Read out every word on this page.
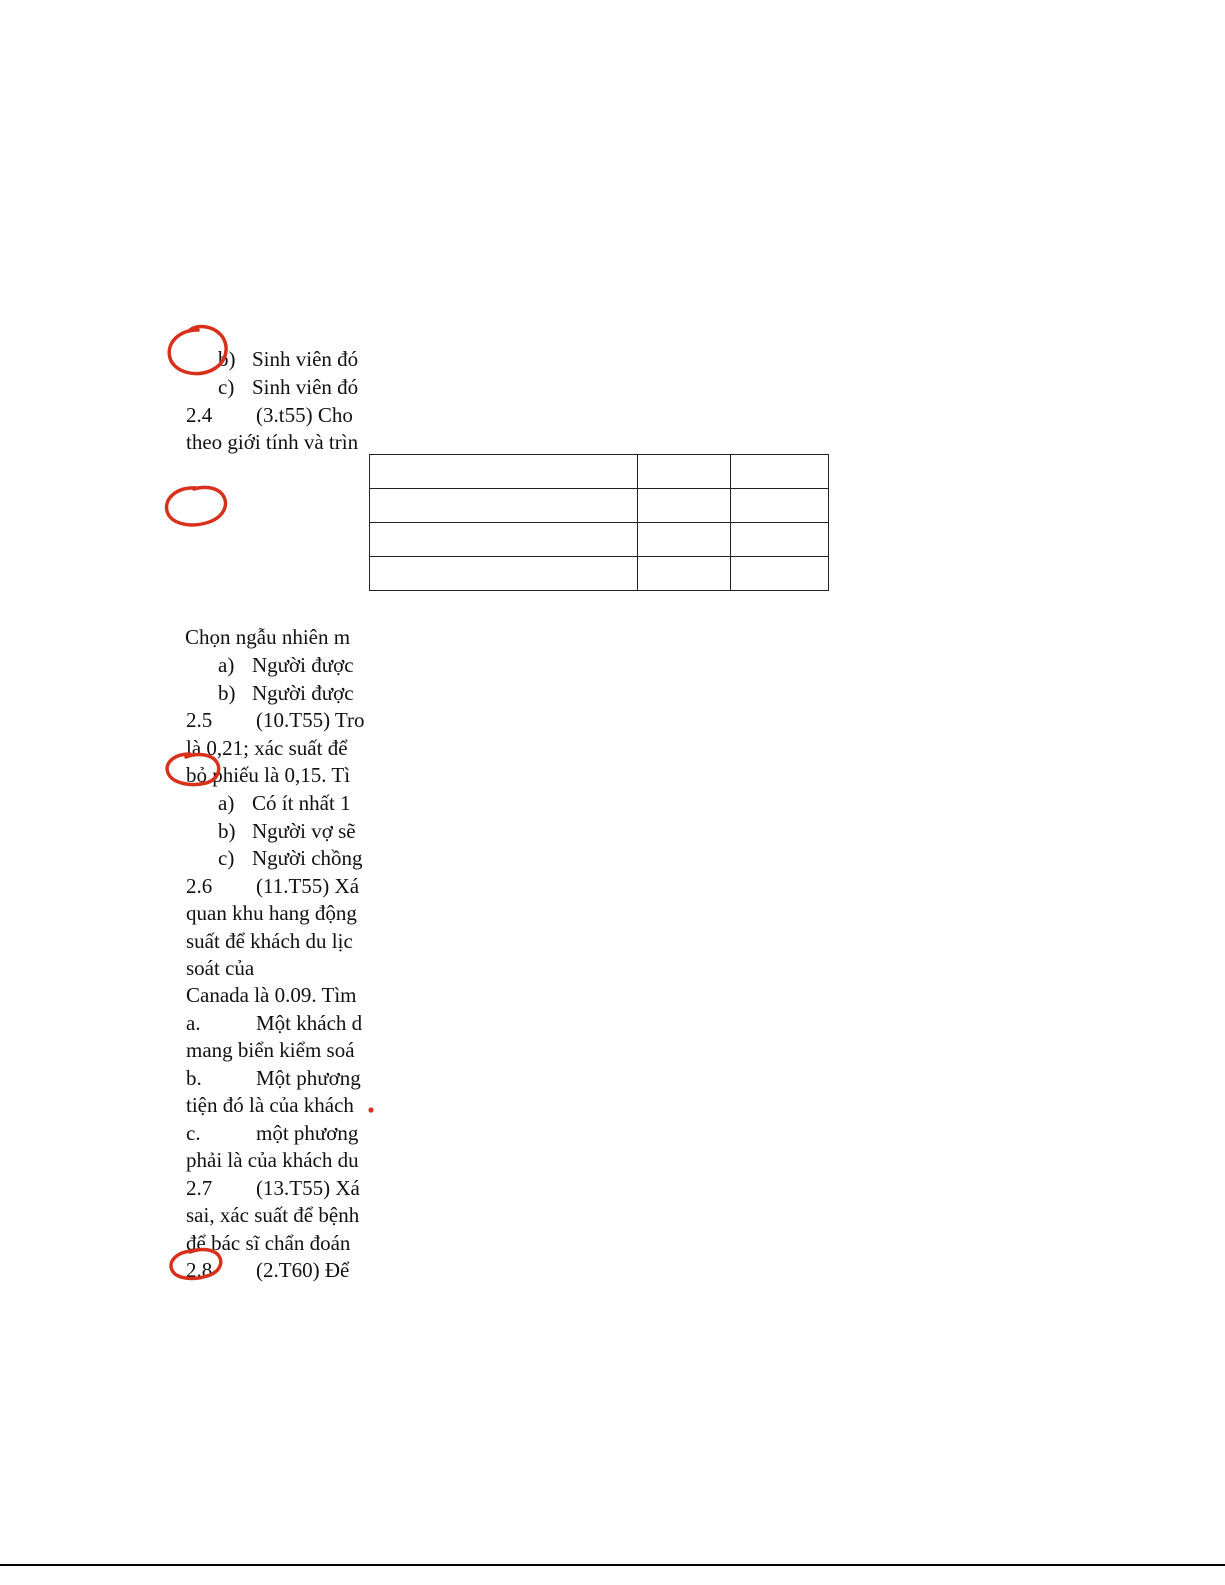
b) Sinh viên đó
c) Sinh viên đó
2.4 (3.t55) Cho
theo giới tính và trìn

Chọn ngẫu nhiên m
a) Người được
b) Người được
2.5 (10.T55) Tro
là 0,21; xác suất để
bỏ phiếu là 0,15. Tì
a) Có ít nhất 1
b) Người vợ sẽ
c) Người chồng
2.6 (11.T55) Xá
quan khu hang động
suất để khách du lịc
soát của
Canada là 0.09. Tìm
a.	Một khách d
mang biển kiểm soá
b.	Một phương
tiện đó là của khách
c.	một phương
phải là của khách du
2.7 (13.T55) Xá
sai, xác suất để bệnh
để bác sĩ chẩn đoán
2.8 (2.T60) Để
